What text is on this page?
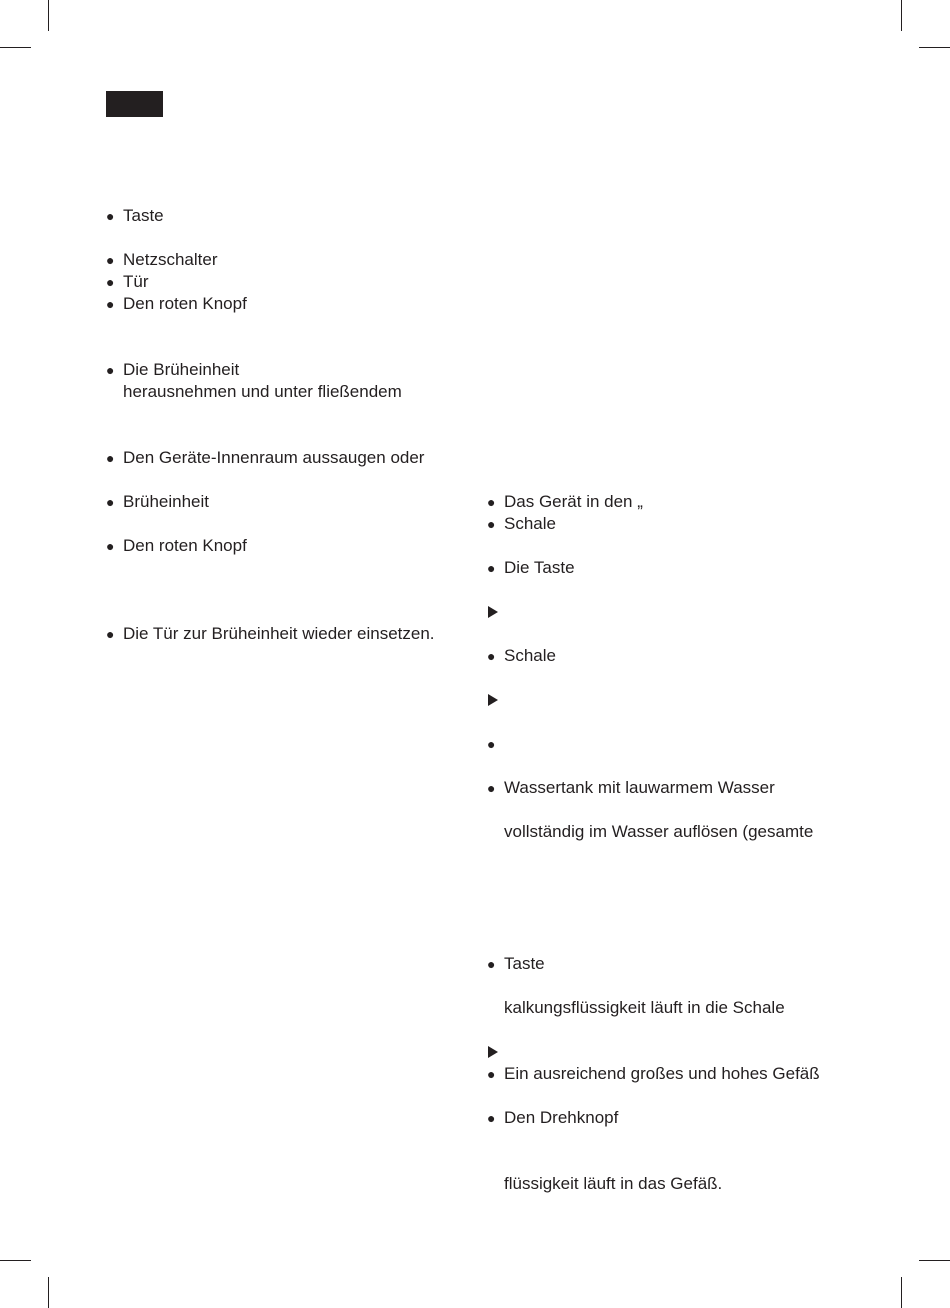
● Taste
● Netzschalter
● Tür
● Den roten Knopf
● Die Brüheinheit
herausnehmen und unter fließendem
● Den Geräte-Innenraum aussaugen oder
● Brüheinheit
● Den roten Knopf
● Die Tür zur Brüheinheit wieder einsetzen.
● Das Gerät in den „
● Schale
● Die Taste
● Schale
●
● Wassertank mit lauwarmem Wasser
vollständig im Wasser auflösen (gesamte
● Taste
kalkungsflüssigkeit läuft in die Schale
● Ein ausreichend großes und hohes Gefäß
● Den Drehknopf
flüssigkeit läuft in das Gefäß.
